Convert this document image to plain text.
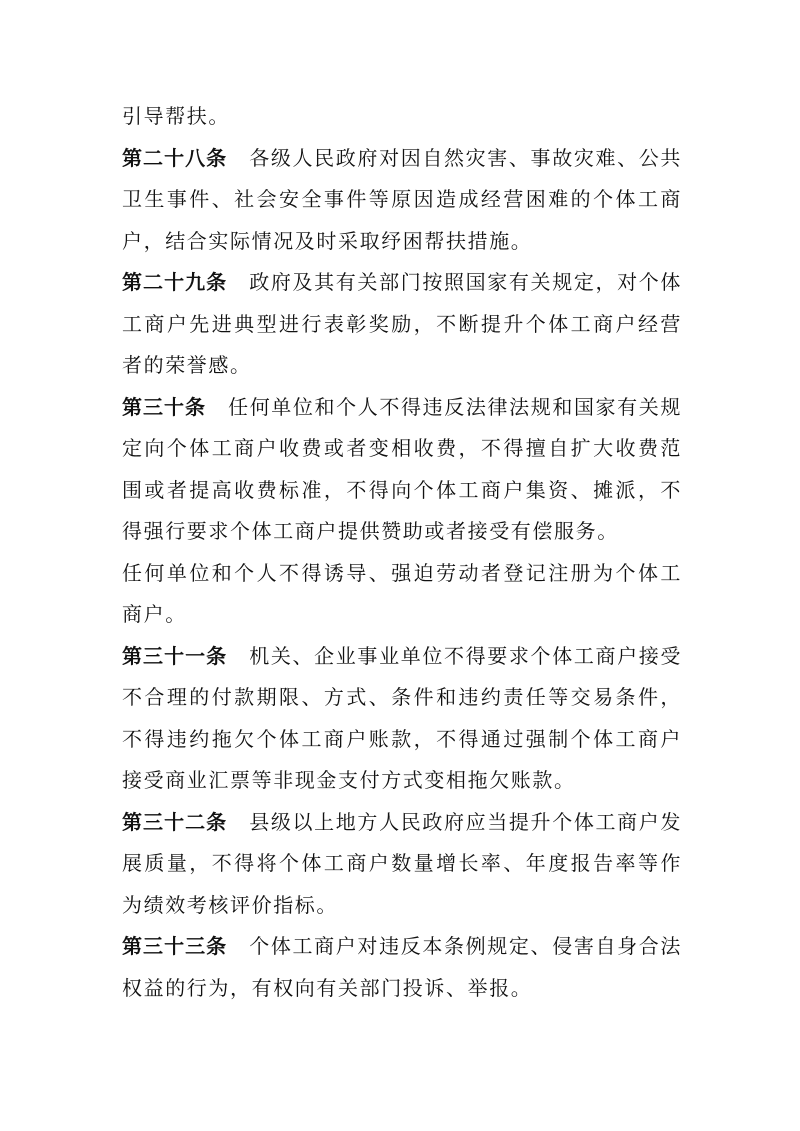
引导帮扶。

第二十八条 各级人民政府对因自然灾害、事故灾难、公共卫生事件、社会安全事件等原因造成经营困难的个体工商户，结合实际情况及时采取纾困帮扶措施。

第二十九条 政府及其有关部门按照国家有关规定，对个体工商户先进典型进行表彰奖励，不断提升个体工商户经营者的荣誉感。

第三十条 任何单位和个人不得违反法律法规和国家有关规定向个体工商户收费或者变相收费，不得擅自扩大收费范围或者提高收费标准，不得向个体工商户集资、摊派，不得强行要求个体工商户提供赞助或者接受有偿服务。

任何单位和个人不得诱导、强迫劳动者登记注册为个体工商户。

第三十一条 机关、企业事业单位不得要求个体工商户接受不合理的付款期限、方式、条件和违约责任等交易条件，不得违约拖欠个体工商户账款，不得通过强制个体工商户接受商业汇票等非现金支付方式变相拖欠账款。

第三十二条 县级以上地方人民政府应当提升个体工商户发展质量，不得将个体工商户数量增长率、年度报告率等作为绩效考核评价指标。

第三十三条 个体工商户对违反本条例规定、侵害自身合法权益的行为，有权向有关部门投诉、举报。
